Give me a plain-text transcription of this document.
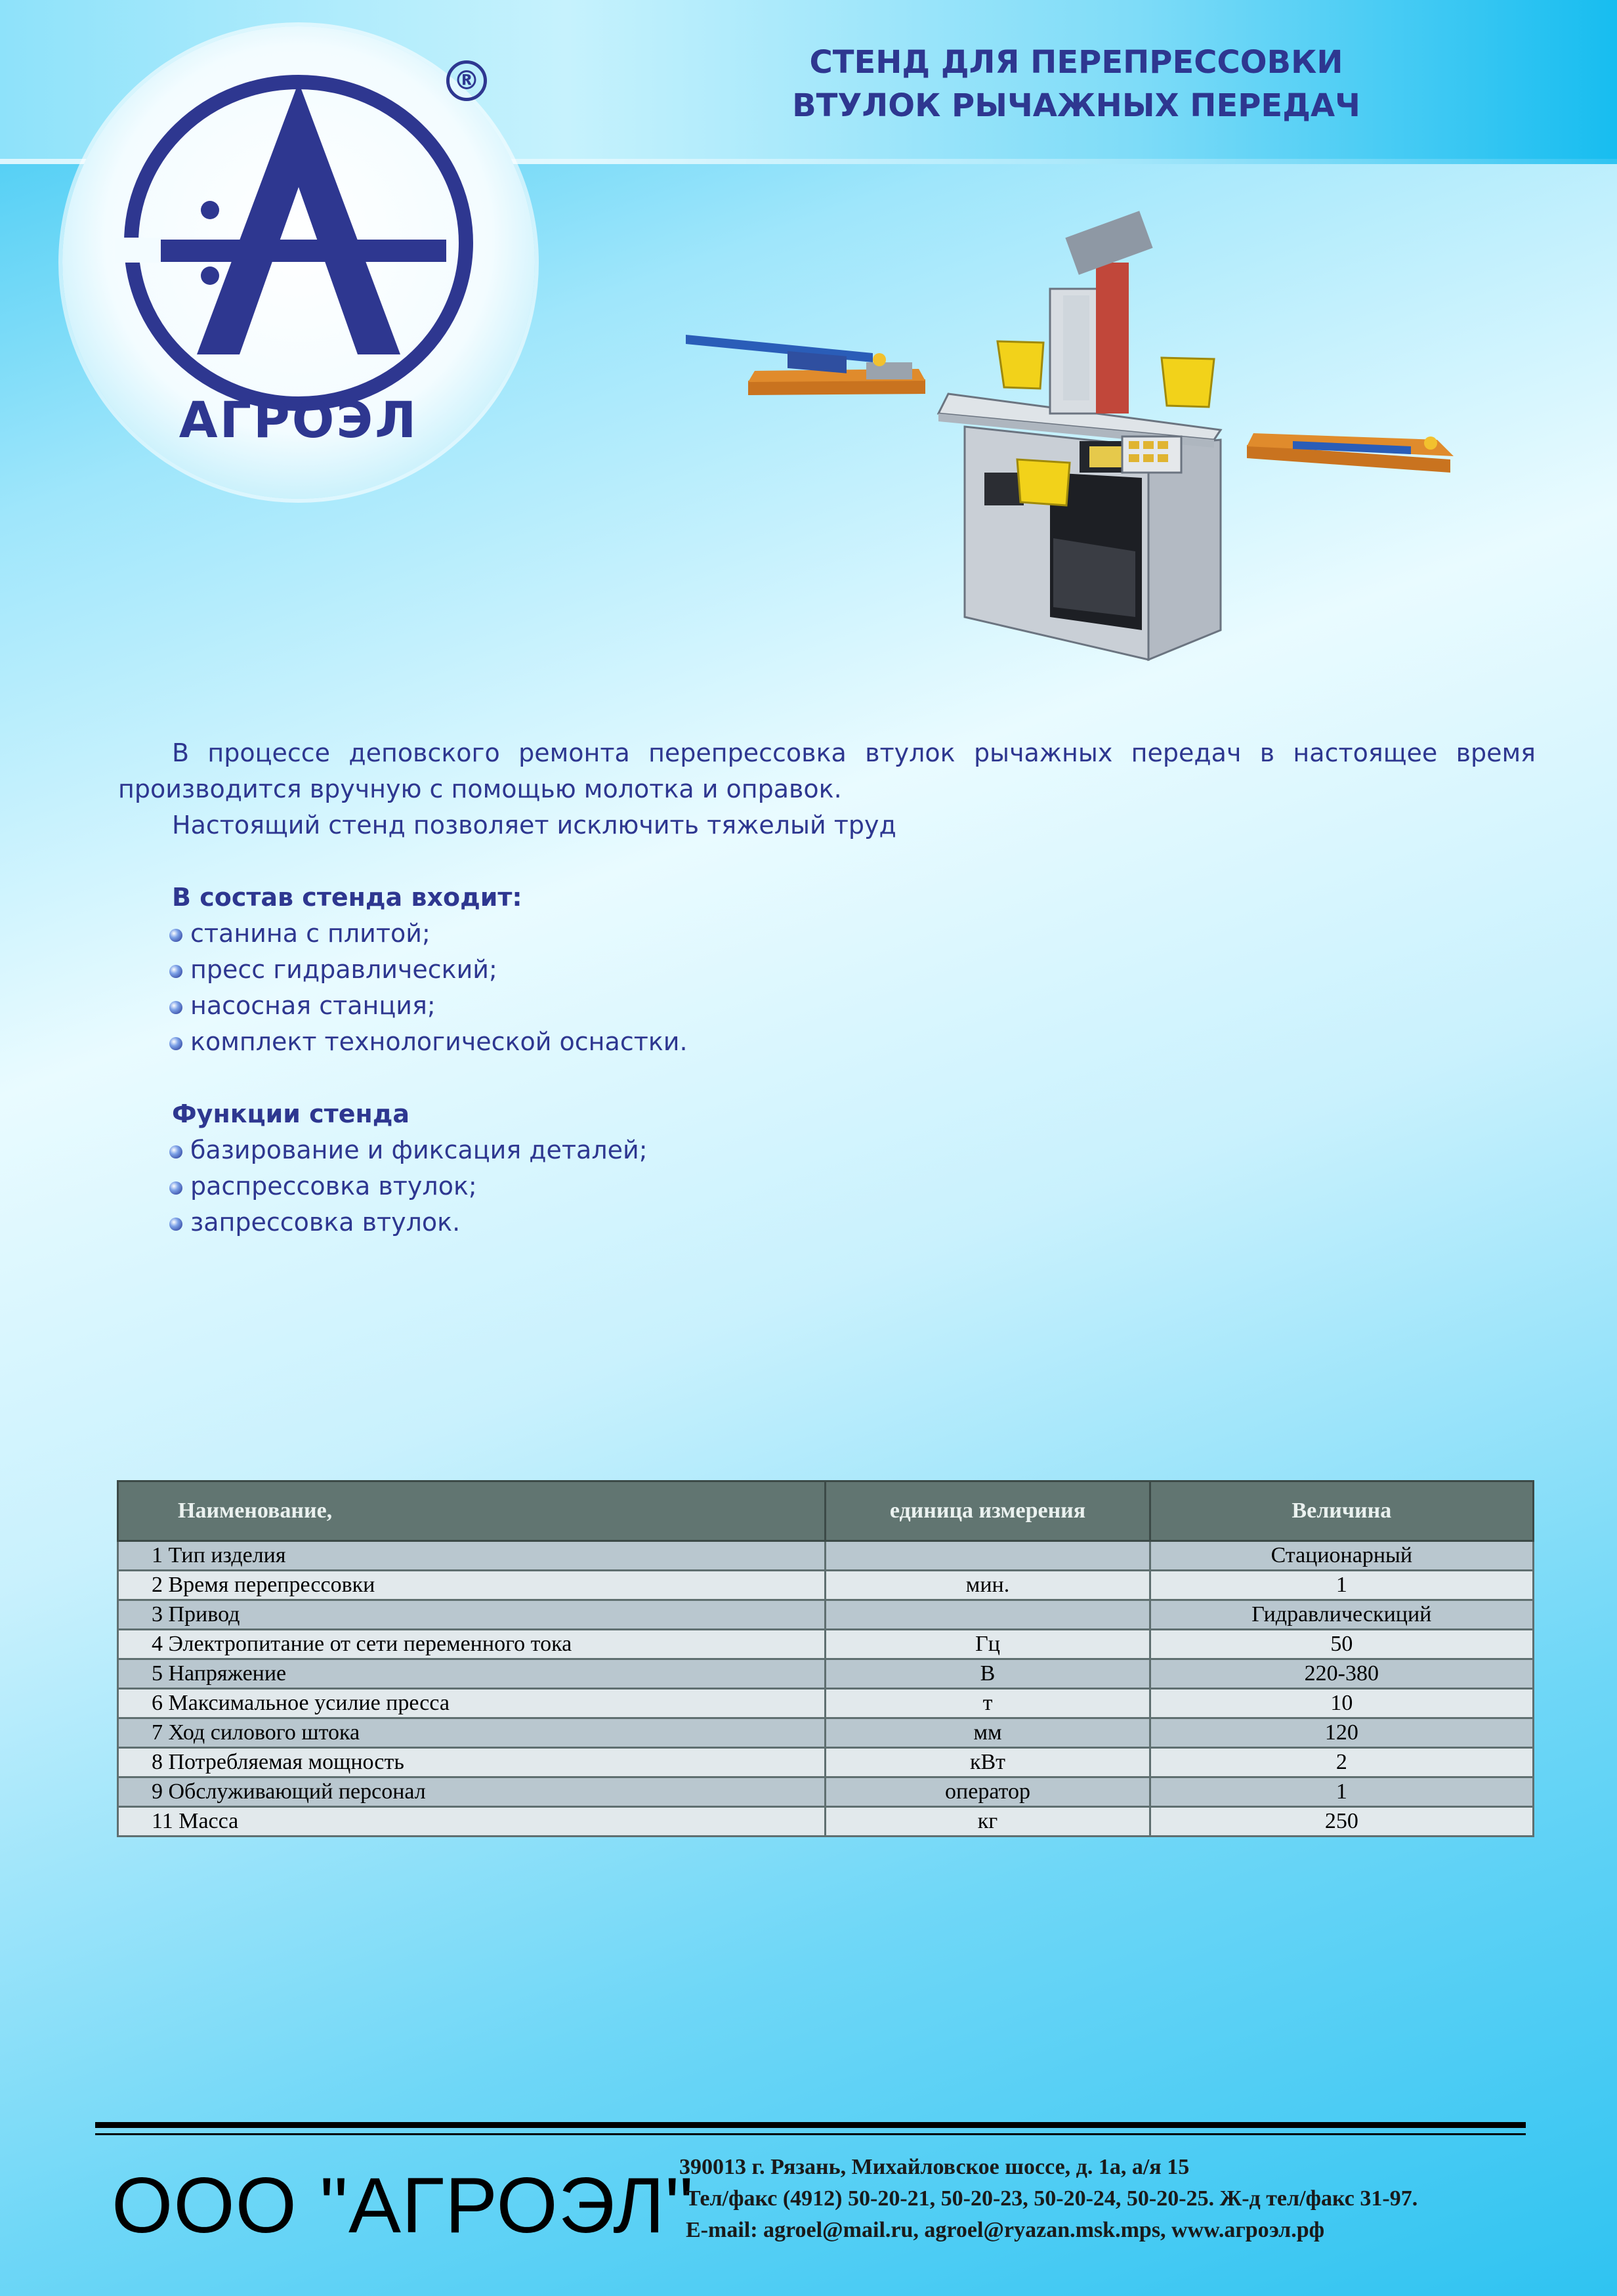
АГРОЭЛ
®	СТЕНД ДЛЯ ПЕРЕПРЕССОВКИ
ВТУЛОК РЫЧАЖНЫХ ПЕРЕДАЧ

В процессе деповского ремонта перепрессовка втулок рычажных передач в настоящее время производится вручную с помощью молотка и оправок.

Настоящий стенд позволяет исключить тяжелый труд

В состав стенда входит:
станина с плитой;
пресс гидравлический;
насосная станция;
комплект технологической оснастки.
Функции стенда
базирование и фиксация деталей;
распрессовка втулок;
запрессовка втулок.
Наименование,	единица измерения	Величина
1 Тип изделия		Стационарный
2 Время перепрессовки	мин.	1
3 Привод		Гидравлическиций
4 Электропитание от сети переменного тока	Гц	50
5 Напряжение	В	220-380
6 Максимальное усилие пресса	т	10
7 Ход силового штока	мм	120
8 Потребляемая мощность	кВт	2
9 Обслуживающий персонал	оператор	1
11 Масса	кг	250
ООО "АГРОЭЛ"
390013 г. Рязань, Михайловское шоссе, д. 1а, а/я 15
Тел/факс (4912) 50-20-21, 50-20-23, 50-20-24, 50-20-25. Ж-д тел/факс 31-97.
E-mail: agroel@mail.ru, agroel@ryazan.msk.mps, www.агроэл.рф
